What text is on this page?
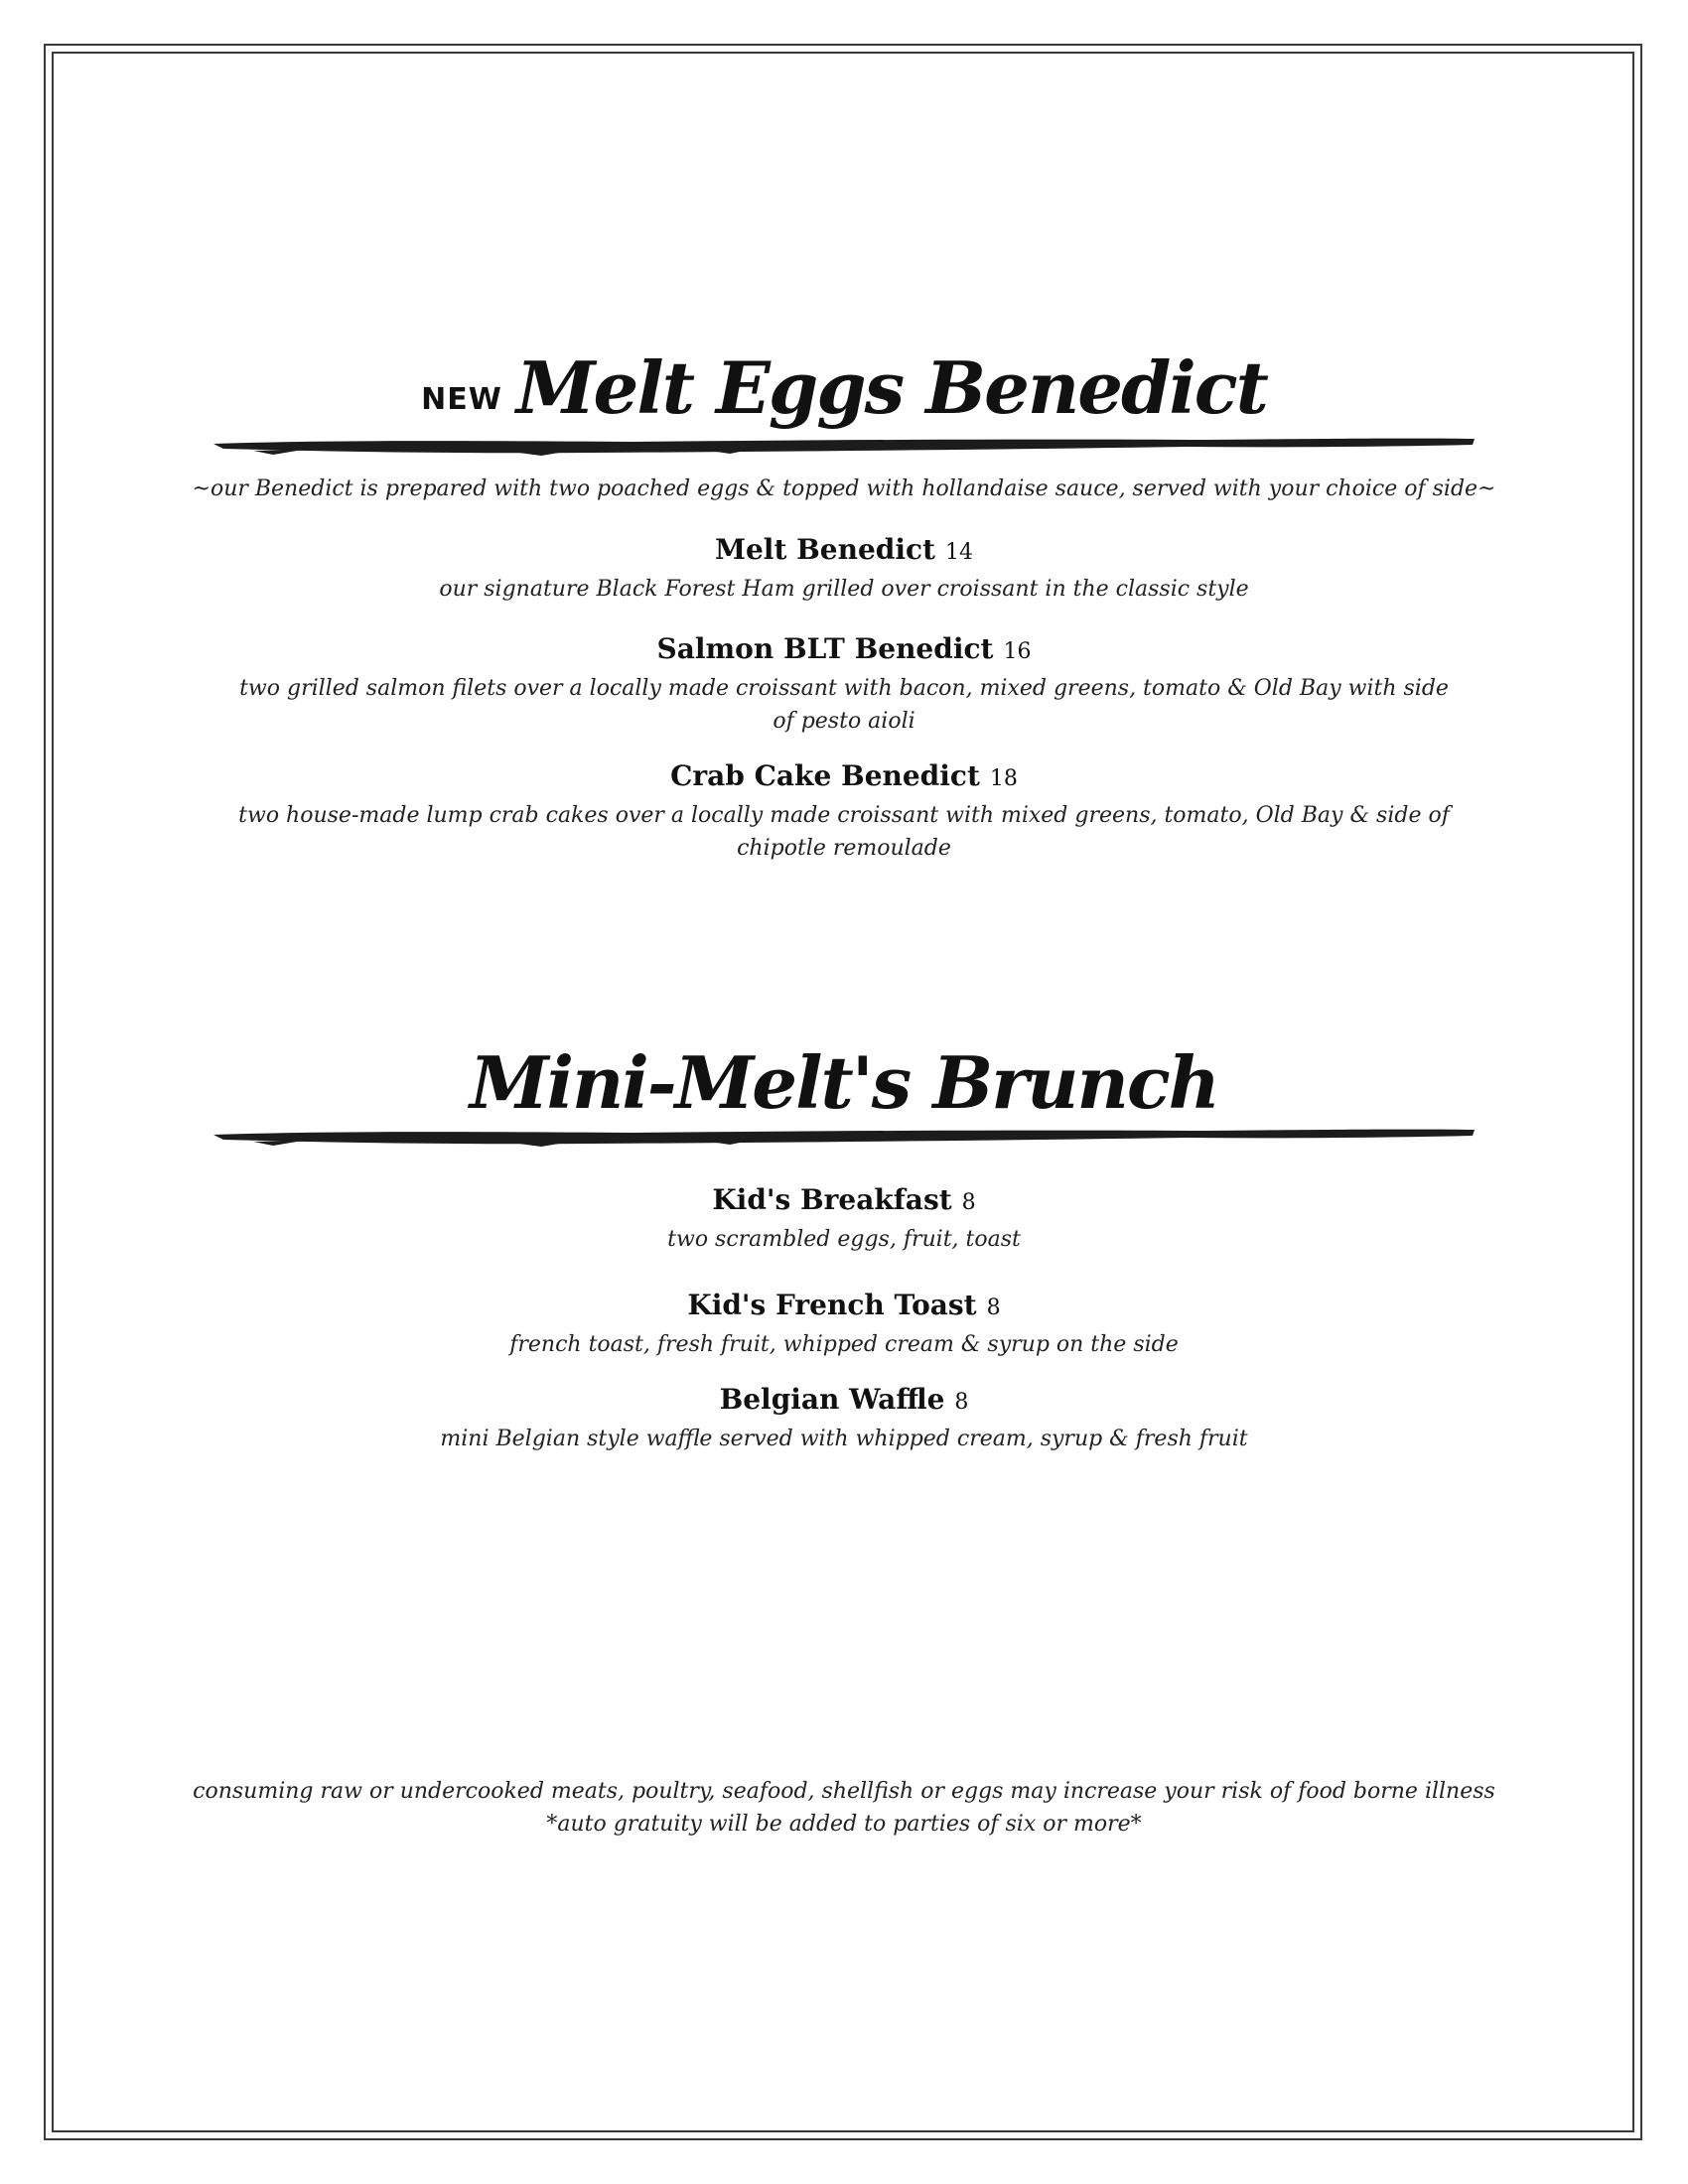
NEW Melt Eggs Benedict
~our Benedict is prepared with two poached eggs & topped with hollandaise sauce, served with your choice of side~
Melt Benedict 14
our signature Black Forest Ham grilled over croissant in the classic style
Salmon BLT Benedict 16
two grilled salmon filets over a locally made croissant with bacon, mixed greens, tomato & Old Bay with side of pesto aioli
Crab Cake Benedict 18
two house-made lump crab cakes over a locally made croissant with mixed greens, tomato, Old Bay & side of chipotle remoulade
Mini-Melt's Brunch
Kid's Breakfast 8
two scrambled eggs, fruit, toast
Kid's French Toast 8
french toast, fresh fruit, whipped cream & syrup on the side
Belgian Waffle 8
mini Belgian style waffle served with whipped cream, syrup & fresh fruit
consuming raw or undercooked meats, poultry, seafood, shellfish or eggs may increase your risk of food borne illness
*auto gratuity will be added to parties of six or more*
